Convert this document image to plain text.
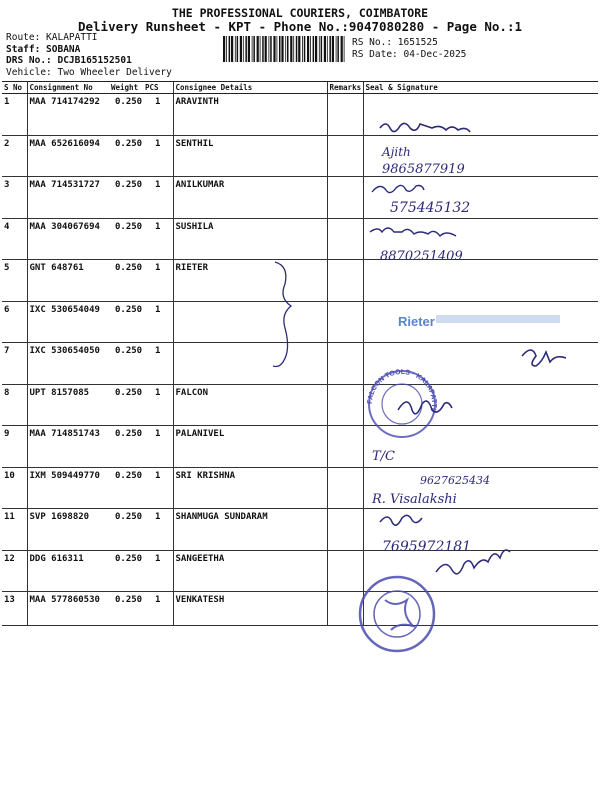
THE PROFESSIONAL COURIERS, COIMBATORE
Delivery Runsheet - KPT - Phone No.:9047080280 - Page No.:1
Route: KALAPATTI
Staff: SOBANA
DRS No.: DCJB165152501
Vehicle: Two Wheeler Delivery
RS No.: 1651525
RS Date: 04-Dec-2025
S No	Consignment No	Weight	PCS	Consignee Details	Remarks	Seal & Signature
1	MAA 714174292	0.250	1	ARAVINTH		
2	MAA 652616094	0.250	1	SENTHIL		
3	MAA 714531727	0.250	1	ANILKUMAR		
4	MAA 304067694	0.250	1	SUSHILA		
5	GNT 648761	0.250	1	RIETER		
6	IXC 530654049	0.250	1			
7	IXC 530654050	0.250	1			
8	UPT 8157085	0.250	1	FALCON		
9	MAA 714851743	0.250	1	PALANIVEL		
10	IXM 509449770	0.250	1	SRI KRISHNA		
11	SVP 1698820	0.250	1	SHANMUGA SUNDARAM		
12	DDG 616311	0.250	1	SANGEETHA		
13	MAA 577860530	0.250	1	VENKATESH		
Ajith
9865877919
575445132
8870251409
Rieter
FALCON TOOLS · KALAPATTI
T/C
9627625434
R. Visalakshi
7695972181
